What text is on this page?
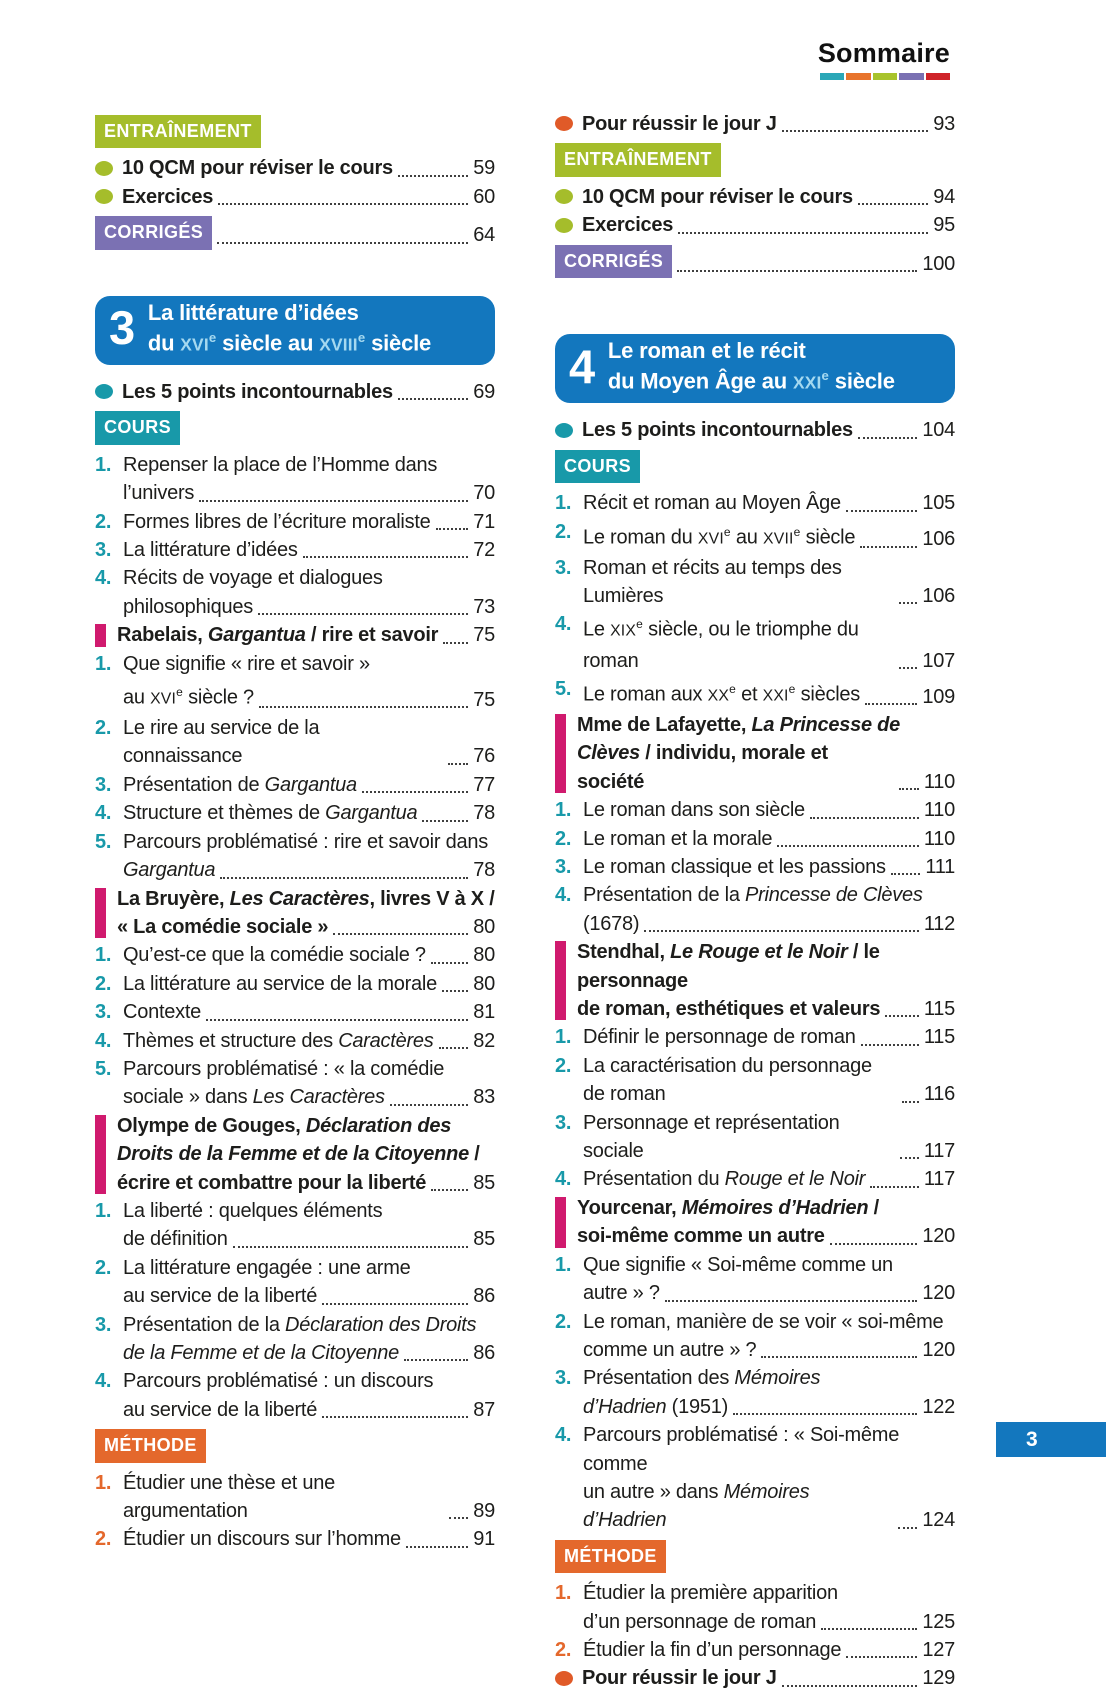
Sommaire
ENTRAÎNEMENT
10 QCM pour réviser le cours	59
Exercices	60
CORRIGÉS	64
3 La littérature d’idées
du XVIe siècle au XVIIIe siècle
Les 5 points incontournables	69
COURS
1. Repenser la place de l’Homme dans
l’univers	70
2. Formes libres de l’écriture moraliste 71
3. La littérature d’idées	72
4. Récits de voyage et dialogues
philosophiques	73
Rabelais, Gargantua / rire et savoir 75
1. Que signifie « rire et savoir »
au XVIe siècle ?	75
2. Le rire au service de la connaissance	76
3. Présentation de Gargantua	77
4. Structure et thèmes de Gargantua	78
5. Parcours problématisé : rire et savoir dans
Gargantua	78
La Bruyère, Les Caractères, livres V à X /
« La comédie sociale »	80
1. Qu’est-ce que la comédie sociale ? 80
2. La littérature au service de la morale 80
3. Contexte	81
4. Thèmes et structure des Caractères 82
5. Parcours problématisé : « la comédie
sociale » dans Les Caractères	83
Olympe de Gouges, Déclaration des
Droits de la Femme et de la Citoyenne /
écrire et combattre pour la liberté 85
1. La liberté : quelques éléments
de définition	85
2. La littérature engagée : une arme
au service de la liberté	86
3. Présentation de la Déclaration des Droits
de la Femme et de la Citoyenne	86
4. Parcours problématisé : un discours
au service de la liberté	87
MÉTHODE
1. Étudier une thèse et une argumentation	89
2. Étudier un discours sur l’homme	91
Pour réussir le jour J	93
ENTRAÎNEMENT
10 QCM pour réviser le cours	94
Exercices	95
CORRIGÉS	100
4 Le roman et le récit
du Moyen Âge au XXIe siècle
Les 5 points incontournables	104
COURS
1. Récit et roman au Moyen Âge	105
2. Le roman du XVIe au XVIIe siècle	106
3. Roman et récits au temps des Lumières	106
4. Le XIXe siècle, ou le triomphe du roman	107
5. Le roman aux XXe et XXIe siècles	109
Mme de Lafayette, La Princesse de
Clèves / individu, morale et société	110
1. Le roman dans son siècle	110
2. Le roman et la morale	110
3. Le roman classique et les passions 111
4. Présentation de la Princesse de Clèves
(1678)	112
Stendhal, Le Rouge et le Noir / le personnage
de roman, esthétiques et valeurs 115
1. Définir le personnage de roman	115
2. La caractérisation du personnage de roman	116
3. Personnage et représentation sociale	117
4. Présentation du Rouge et le Noir	117
Yourcenar, Mémoires d’Hadrien /
soi-même comme un autre	120
1. Que signifie « Soi-même comme un
autre » ?	120
2. Le roman, manière de se voir « soi-même
comme un autre » ?	120
3. Présentation des Mémoires
d’Hadrien (1951)	122
4. Parcours problématisé : « Soi-même comme
un autre » dans Mémoires d’Hadrien	124
MÉTHODE
1. Étudier la première apparition
d’un personnage de roman	125
2. Étudier la fin d’un personnage	127
Pour réussir le jour J	129
3
